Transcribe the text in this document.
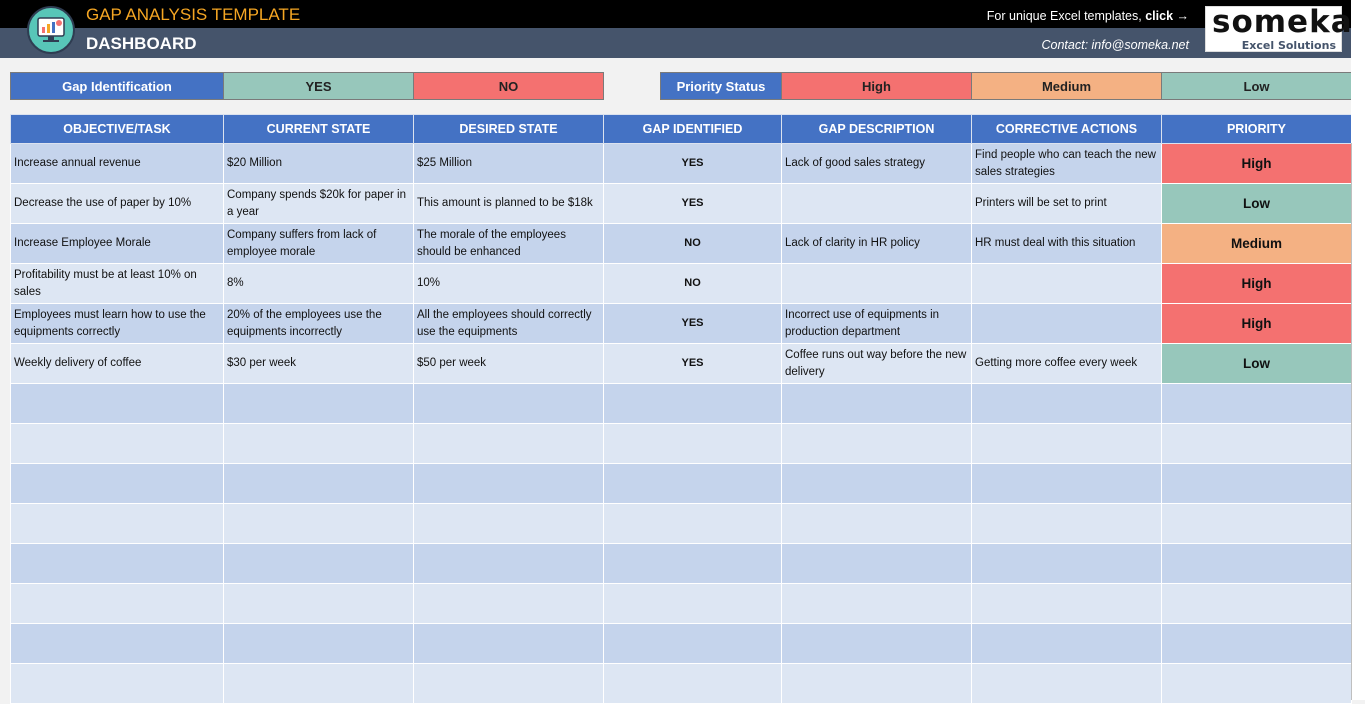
GAP ANALYSIS TEMPLATE
DASHBOARD
For unique Excel templates, click →
Contact: info@someka.net
someka
Excel Solutions
Gap Identification	YES	NO	Priority Status	High	Medium	Low
OBJECTIVE/TASK	CURRENT STATE	DESIRED STATE	GAP IDENTIFIED	GAP DESCRIPTION	CORRECTIVE ACTIONS	PRIORITY
Increase annual revenue	$20 Million	$25 Million	YES	Lack of good sales strategy	Find people who can teach the new sales strategies	High
Decrease the use of paper by 10%	Company spends $20k for paper in a year	This amount is planned to be $18k	YES		Printers will be set to print	Low
Increase Employee Morale	Company suffers from lack of employee morale	The morale of the employees should be enhanced	NO	Lack of clarity in HR policy	HR must deal with this situation	Medium
Profitability must be at least 10% on sales	8%	10%	NO			High
Employees must learn how to use the equipments correctly	20% of the employees use the equipments incorrectly	All the employees should correctly use the equipments	YES	Incorrect use of equipments in production department		High
Weekly delivery of coffee	$30 per week	$50 per week	YES	Coffee runs out way before the new delivery	Getting more coffee every week	Low
